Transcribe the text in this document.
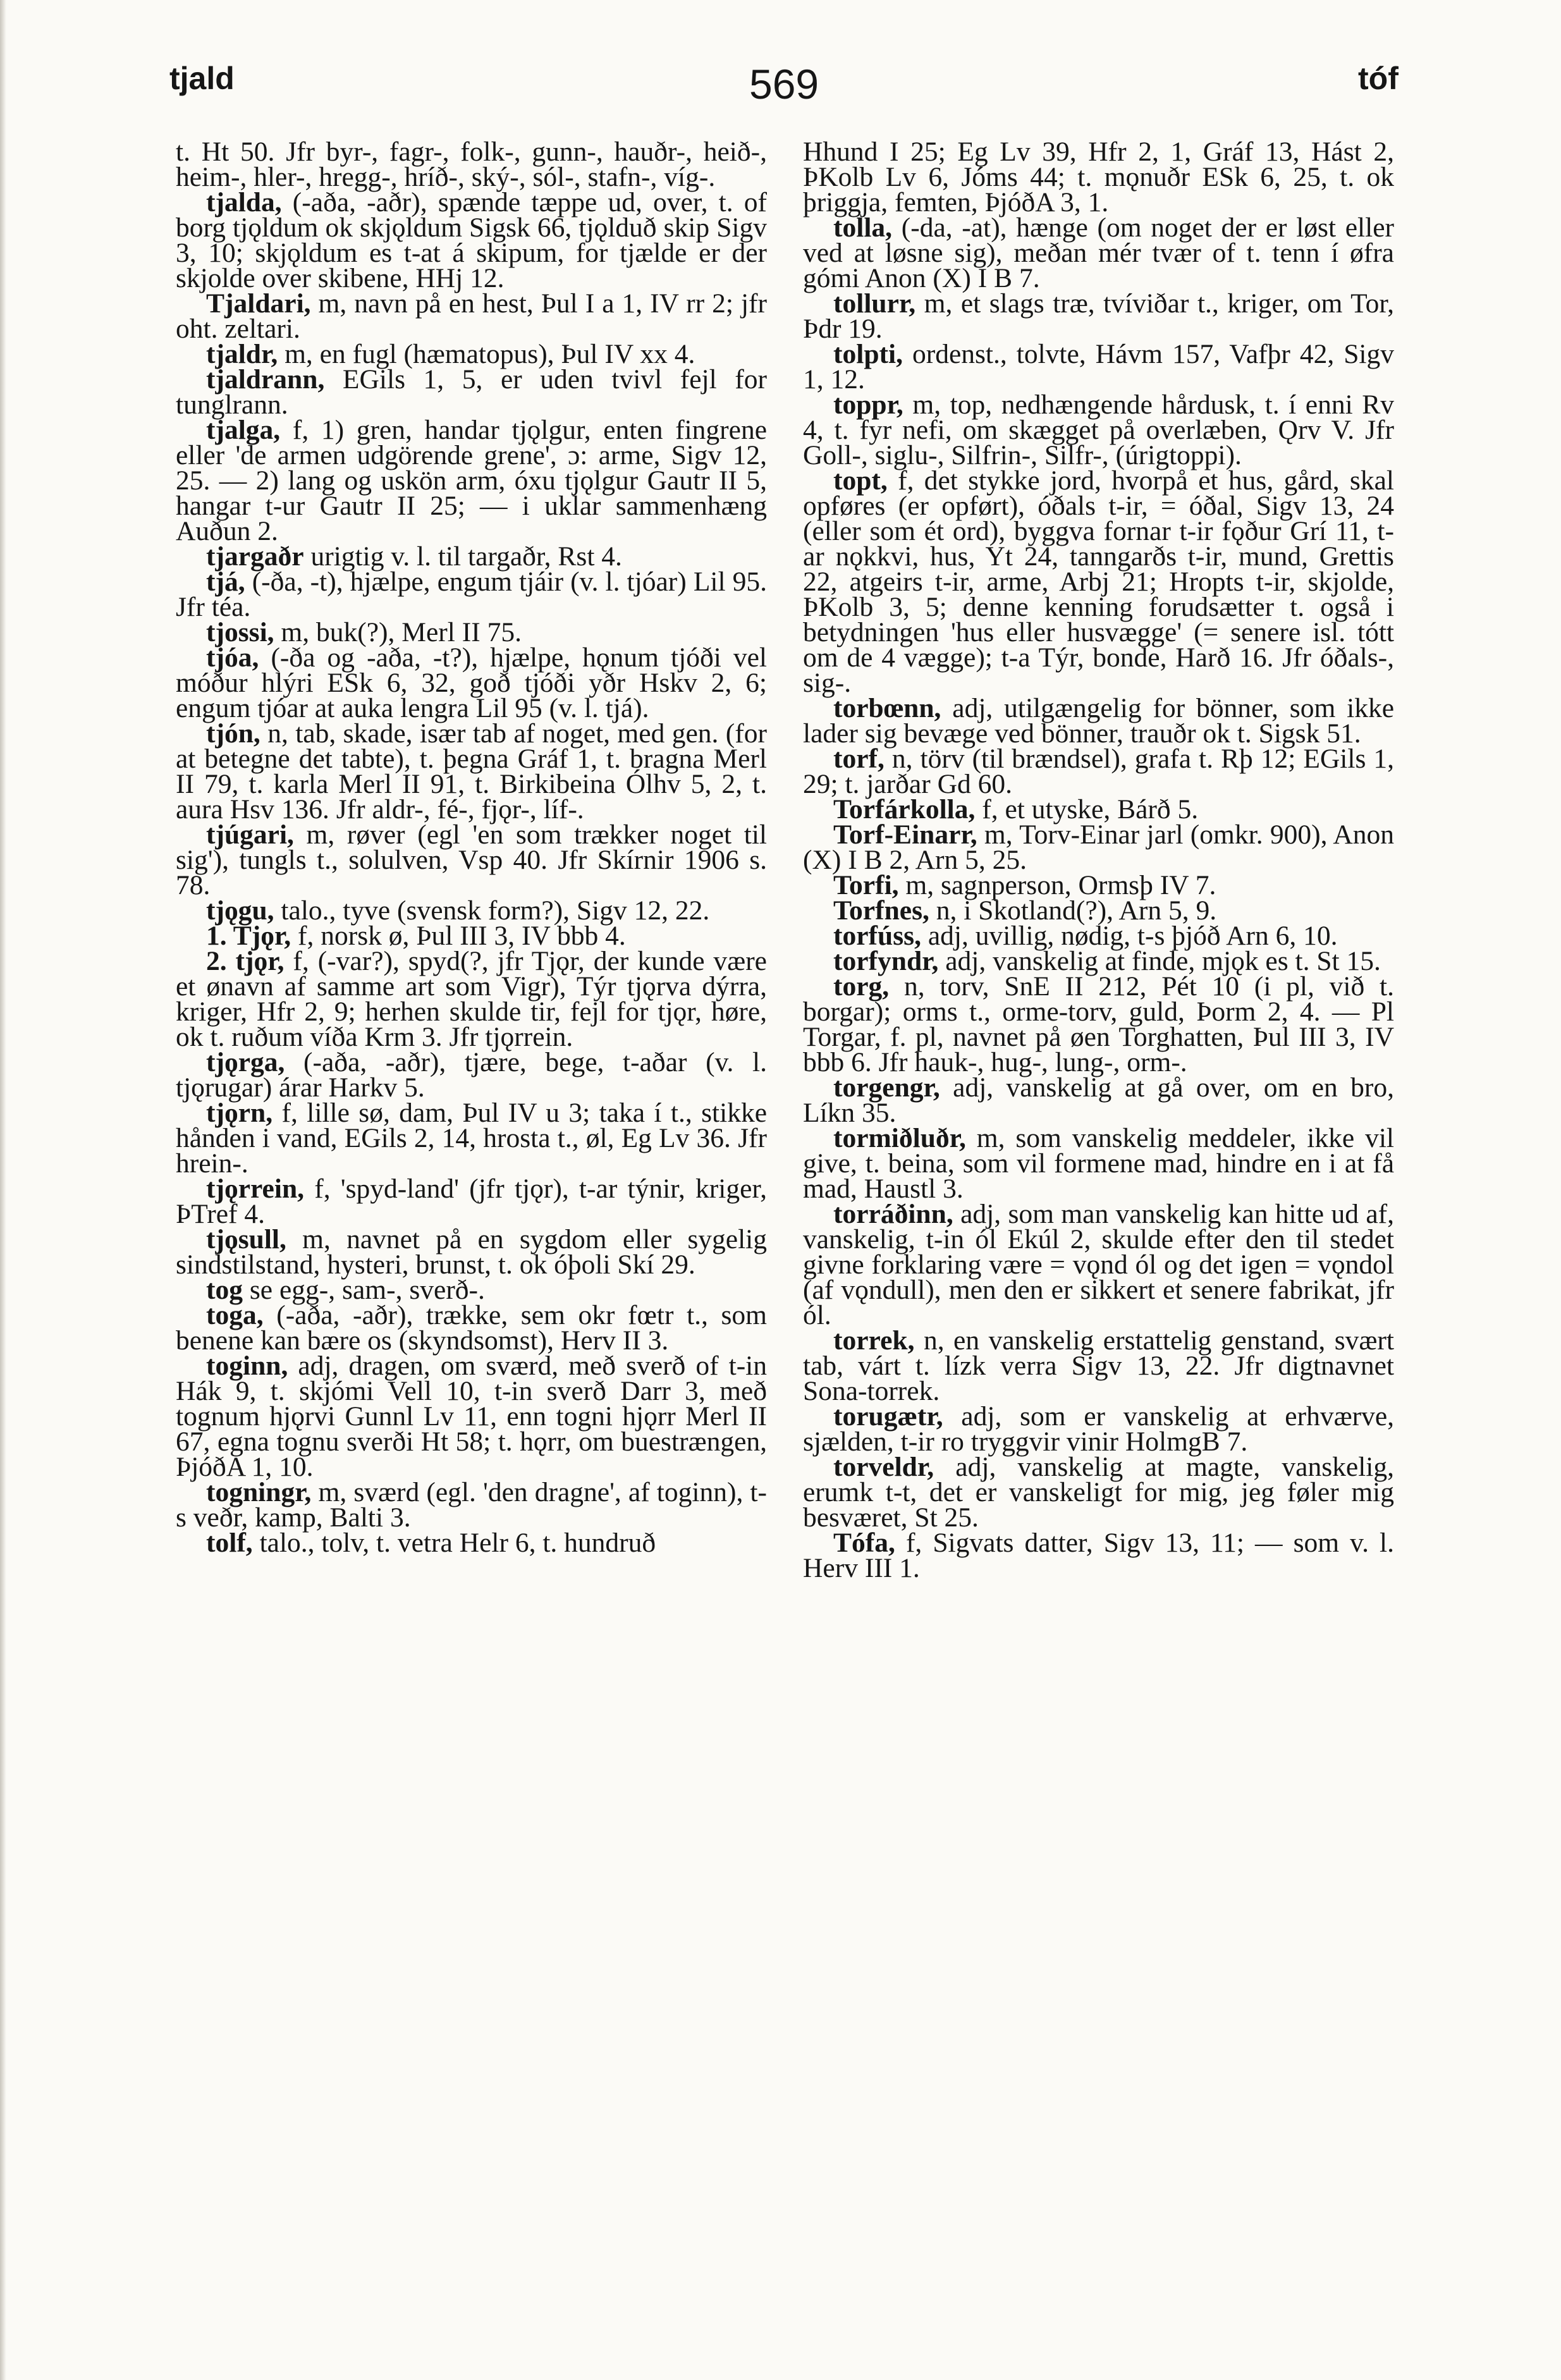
tjald	569	tóf

t. Ht 50. Jfr byr-, fagr-, folk-, gunn-, hauðr-, heið-, heim-, hler-, hregg-, hríð-, ský-, sól-, stafn-, víg-.

tjalda, (-aða, -aðr), spænde tæppe ud, over, t. of borg tjǫldum ok skjǫldum Sigsk 66, tjǫlduð skip Sigv 3, 10; skjǫldum es t-at á skipum, for tjælde er der skjolde over skibene, HHj 12.

Tjaldari, m, navn på en hest, Þul I a 1, IV rr 2; jfr oht. zeltari.

tjaldr, m, en fugl (hæmatopus), Þul IV xx 4.

tjaldrann, EGils 1, 5, er uden tvivl fejl for tunglrann.

tjalga, f, 1) gren, handar tjǫlgur, enten fingrene eller 'de armen udgörende grene', ɔ: arme, Sigv 12, 25. — 2) lang og uskön arm, óxu tjǫlgur Gautr II 5, hangar t-ur Gautr II 25; — i uklar sammenhæng Auðun 2.

tjargaðr urigtig v. l. til targaðr, Rst 4.

tjá, (-ða, -t), hjælpe, engum tjáir (v. l. tjóar) Lil 95. Jfr téa.

tjossi, m, buk(?), Merl II 75.

tjóa, (-ða og -aða, -t?), hjælpe, hǫnum tjóði vel móður hlýri ESk 6, 32, goð tjóði yðr Hskv 2, 6; engum tjóar at auka lengra Lil 95 (v. l. tjá).

tjón, n, tab, skade, især tab af noget, med gen. (for at betegne det tabte), t. þegna Gráf 1, t. bragna Merl II 79, t. karla Merl II 91, t. Birkibeina Ólhv 5, 2, t. aura Hsv 136. Jfr aldr-, fé-, fjǫr-, líf-.

tjúgari, m, røver (egl 'en som trækker noget til sig'), tungls t., solulven, Vsp 40. Jfr Skírnir 1906 s. 78.

tjǫgu, talo., tyve (svensk form?), Sigv 12, 22.

1. Tjǫr, f, norsk ø, Þul III 3, IV bbb 4.

2. tjǫr, f, (-var?), spyd(?, jfr Tjǫr, der kunde være et ønavn af samme art som Vigr), Týr tjǫrva dýrra, kriger, Hfr 2, 9; herhen skulde tir, fejl for tjǫr, høre, ok t. ruðum víða Krm 3. Jfr tjǫrrein.

tjǫrga, (-aða, -aðr), tjære, bege, t-aðar (v. l. tjǫrugar) árar Harkv 5.

tjǫrn, f, lille sø, dam, Þul IV u 3; taka í t., stikke hånden i vand, EGils 2, 14, hrosta t., øl, Eg Lv 36. Jfr hrein-.

tjǫrrein, f, 'spyd-land' (jfr tjǫr), t-ar týnir, kriger, ÞTref 4.

tjǫsull, m, navnet på en sygdom eller sygelig sindstilstand, hysteri, brunst, t. ok óþoli Skí 29.

tog se egg-, sam-, sverð-.

toga, (-aða, -aðr), trække, sem okr fœtr t., som benene kan bære os (skyndsomst), Herv II 3.

toginn, adj, dragen, om sværd, með sverð of t-in Hák 9, t. skjómi Vell 10, t-in sverð Darr 3, með tognum hjǫrvi Gunnl Lv 11, enn togni hjǫrr Merl II 67, egna tognu sverði Ht 58; t. hǫrr, om buestrængen, ÞjóðA 1, 10.

togningr, m, sværd (egl. 'den dragne', af toginn), t-s veðr, kamp, Balti 3.

tolf, talo., tolv, t. vetra Helr 6, t. hundruð

Hhund I 25; Eg Lv 39, Hfr 2, 1, Gráf 13, Hást 2, ÞKolb Lv 6, Jóms 44; t. mǫnuðr ESk 6, 25, t. ok þriggja, femten, ÞjóðA 3, 1.

tolla, (-da, -at), hænge (om noget der er løst eller ved at løsne sig), meðan mér tvær of t. tenn í øfra gómi Anon (X) I B 7.

tollurr, m, et slags træ, tvíviðar t., kriger, om Tor, Þdr 19.

tolpti, ordenst., tolvte, Hávm 157, Vafþr 42, Sigv 1, 12.

toppr, m, top, nedhængende hårdusk, t. í enni Rv 4, t. fyr nefi, om skægget på overlæben, Ǫrv V. Jfr Goll-, siglu-, Silfrin-, Silfr-, (úrigtoppi).

topt, f, det stykke jord, hvorpå et hus, gård, skal opføres (er opført), óðals t-ir, = óðal, Sigv 13, 24 (eller som ét ord), byggva fornar t-ir fǫður Grí 11, t-ar nǫkkvi, hus, Yt 24, tanngarðs t-ir, mund, Grettis 22, atgeirs t-ir, arme, Arbj 21; Hropts t-ir, skjolde, ÞKolb 3, 5; denne kenning forudsætter t. også i betydningen 'hus eller husvægge' (= senere isl. tótt om de 4 vægge); t-a Týr, bonde, Harð 16. Jfr óðals-, sig-.

torbœnn, adj, utilgængelig for bönner, som ikke lader sig bevæge ved bönner, trauðr ok t. Sigsk 51.

torf, n, törv (til brændsel), grafa t. Rþ 12; EGils 1, 29; t. jarðar Gd 60.

Torfárkolla, f, et utyske, Bárð 5.

Torf-Einarr, m, Torv-Einar jarl (omkr. 900), Anon (X) I B 2, Arn 5, 25.

Torfi, m, sagnperson, Ormsþ IV 7.

Torfnes, n, i Skotland(?), Arn 5, 9.

torfúss, adj, uvillig, nødig, t-s þjóð Arn 6, 10.

torfyndr, adj, vanskelig at finde, mjǫk es t. St 15.

torg, n, torv, SnE II 212, Pét 10 (i pl, við t. borgar); orms t., orme-torv, guld, Þorm 2, 4. — Pl Torgar, f. pl, navnet på øen Torghatten, Þul III 3, IV bbb 6. Jfr hauk-, hug-, lung-, orm-.

torgengr, adj, vanskelig at gå over, om en bro, Líkn 35.

tormiðluðr, m, som vanskelig meddeler, ikke vil give, t. beina, som vil formene mad, hindre en i at få mad, Haustl 3.

torráðinn, adj, som man vanskelig kan hitte ud af, vanskelig, t-in ól Ekúl 2, skulde efter den til stedet givne forklaring være = vǫnd ól og det igen = vǫndol (af vǫndull), men den er sikkert et senere fabrikat, jfr ól.

torrek, n, en vanskelig erstattelig genstand, svært tab, várt t. lízk verra Sigv 13, 22. Jfr digtnavnet Sona-torrek.

torugætr, adj, som er vanskelig at erhværve, sjælden, t-ir ro tryggvir vinir HolmgB 7.

torveldr, adj, vanskelig at magte, vanskelig, erumk t-t, det er vanskeligt for mig, jeg føler mig besværet, St 25.

Tófa, f, Sigvats datter, Sigv 13, 11; — som v. l. Herv III 1.
